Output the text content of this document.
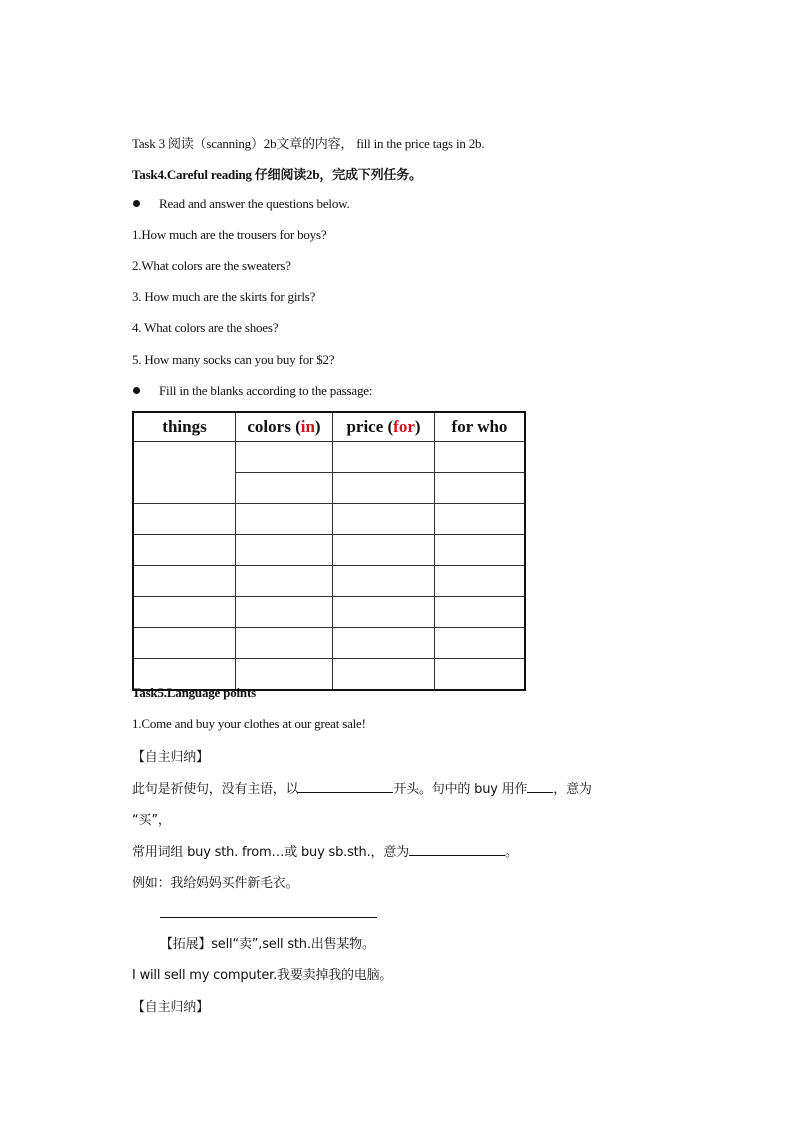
Task 3 阅读（scanning）2b文章的内容， fill in the price tags in 2b.
Task4.Careful reading 仔细阅读2b，完成下列任务。
Read and answer the questions below.
1.How much are the trousers for boys?
2.What colors are the sweaters?
3. How much are the skirts for girls?
4. What colors are the shoes?
5. How many socks can you buy for $2?
Fill in the blanks according to the passage:
things	colors (in)	price (for)	for who

Task5.Language points
1.Come and buy your clothes at our great sale!
【自主归纳】
此句是祈使句，没有主语，以	开头。句中的 buy 用作 ，意为
“买”，
常用词组 buy sth. from…或 buy sb.sth.，意为	。
例如：我给妈妈买件新毛衣。
【拓展】sell“卖”,sell sth.出售某物。
I will sell my computer.我要卖掉我的电脑。
【自主归纳】
